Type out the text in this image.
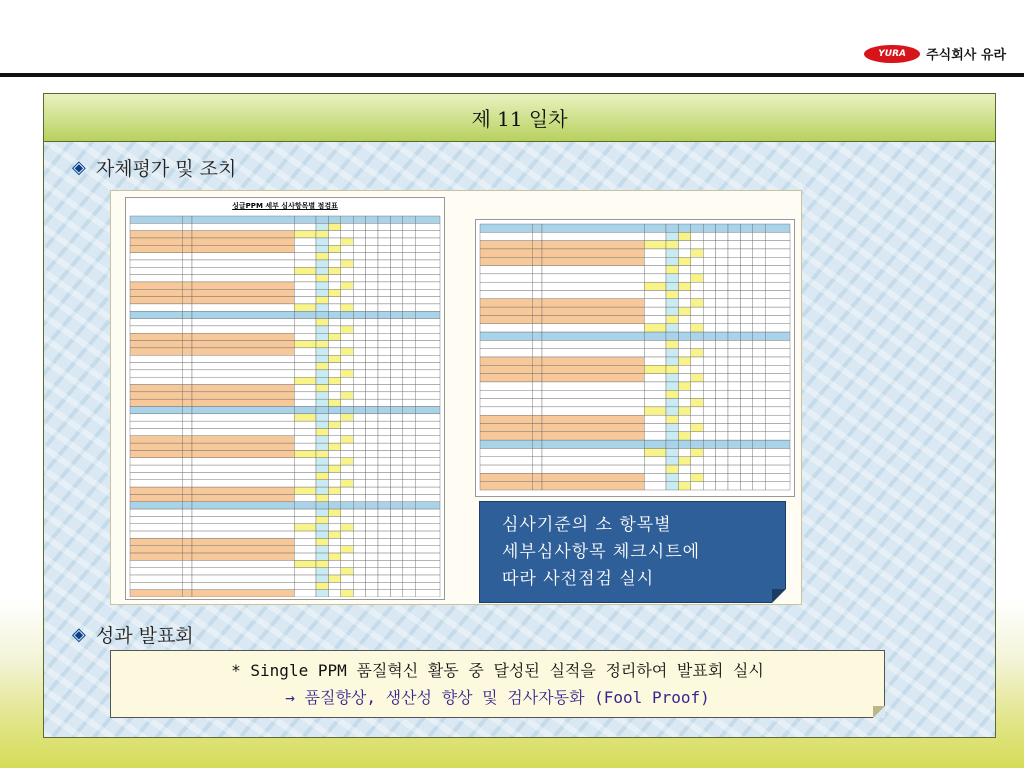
YURA	주식회사 유라
제 11 일차
◈ 자체평가 및 조치
싱글PPM 세부 심사항목별 점검표
심사기준의 소 항목별
세부심사항목 체크시트에
따라 사전점검 실시
◈ 성과 발표회
* Single PPM 품질혁신 활동 중 달성된 실적을 정리하여 발표회 실시
→ 품질향상, 생산성 향상 및 검사자동화 (Fool Proof)
